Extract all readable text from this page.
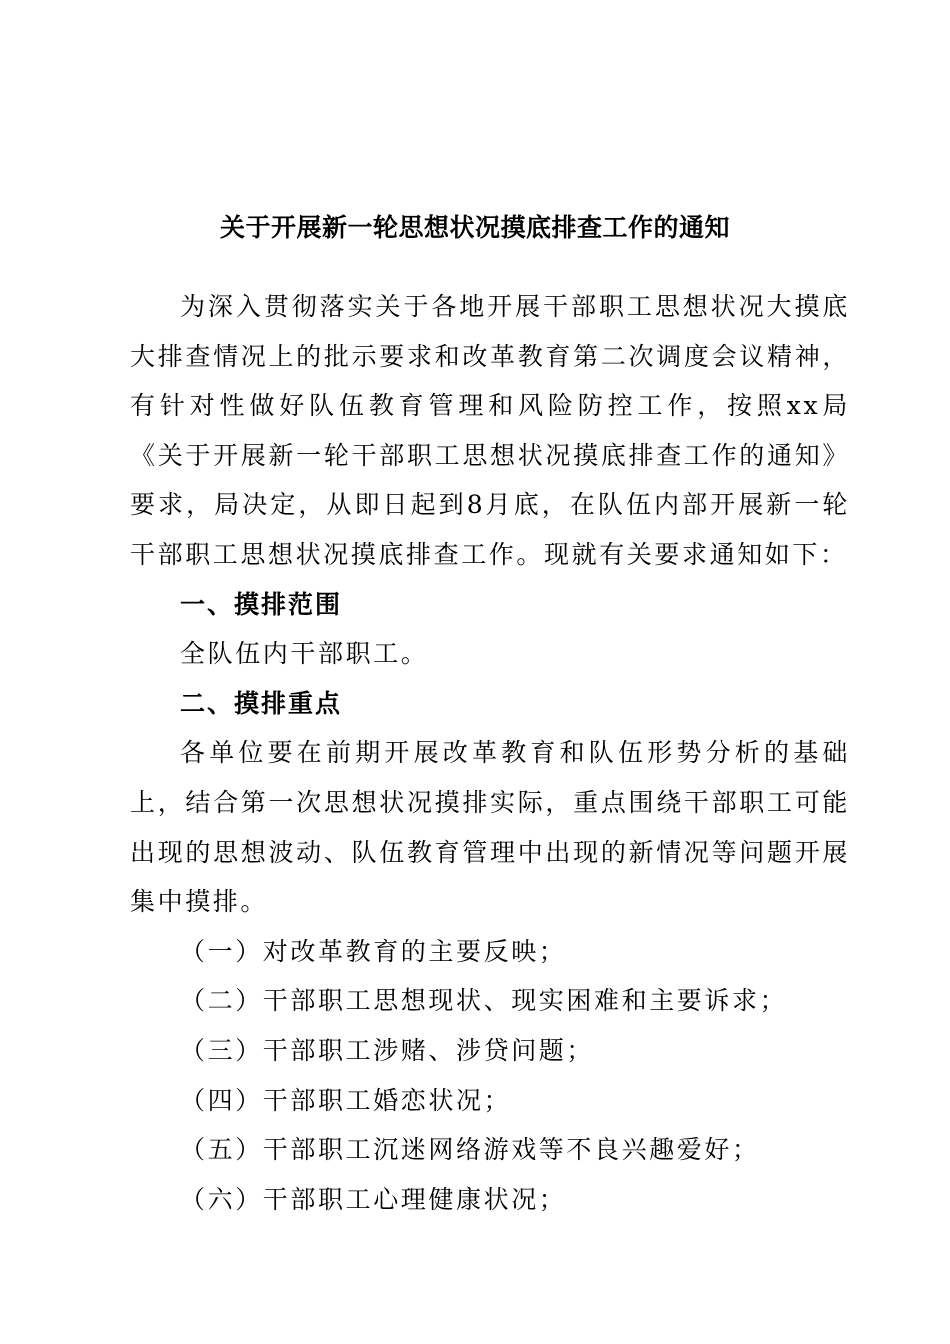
关于开展新一轮思想状况摸底排查工作的通知

为深入贯彻落实关于各地开展干部职工思想状况大摸底大排查情况上的批示要求和改革教育第二次调度会议精神，有针对性做好队伍教育管理和风险防控工作，按照xx局《关于开展新一轮干部职工思想状况摸底排查工作的通知》要求，局决定，从即日起到8月底，在队伍内部开展新一轮干部职工思想状况摸底排查工作。现就有关要求通知如下：

一、摸排范围

全队伍内干部职工。

二、摸排重点

各单位要在前期开展改革教育和队伍形势分析的基础上，结合第一次思想状况摸排实际，重点围绕干部职工可能出现的思想波动、队伍教育管理中出现的新情况等问题开展集中摸排。

（一）对改革教育的主要反映；

（二）干部职工思想现状、现实困难和主要诉求；

（三）干部职工涉赌、涉贷问题；

（四）干部职工婚恋状况；

（五）干部职工沉迷网络游戏等不良兴趣爱好；

（六）干部职工心理健康状况；
